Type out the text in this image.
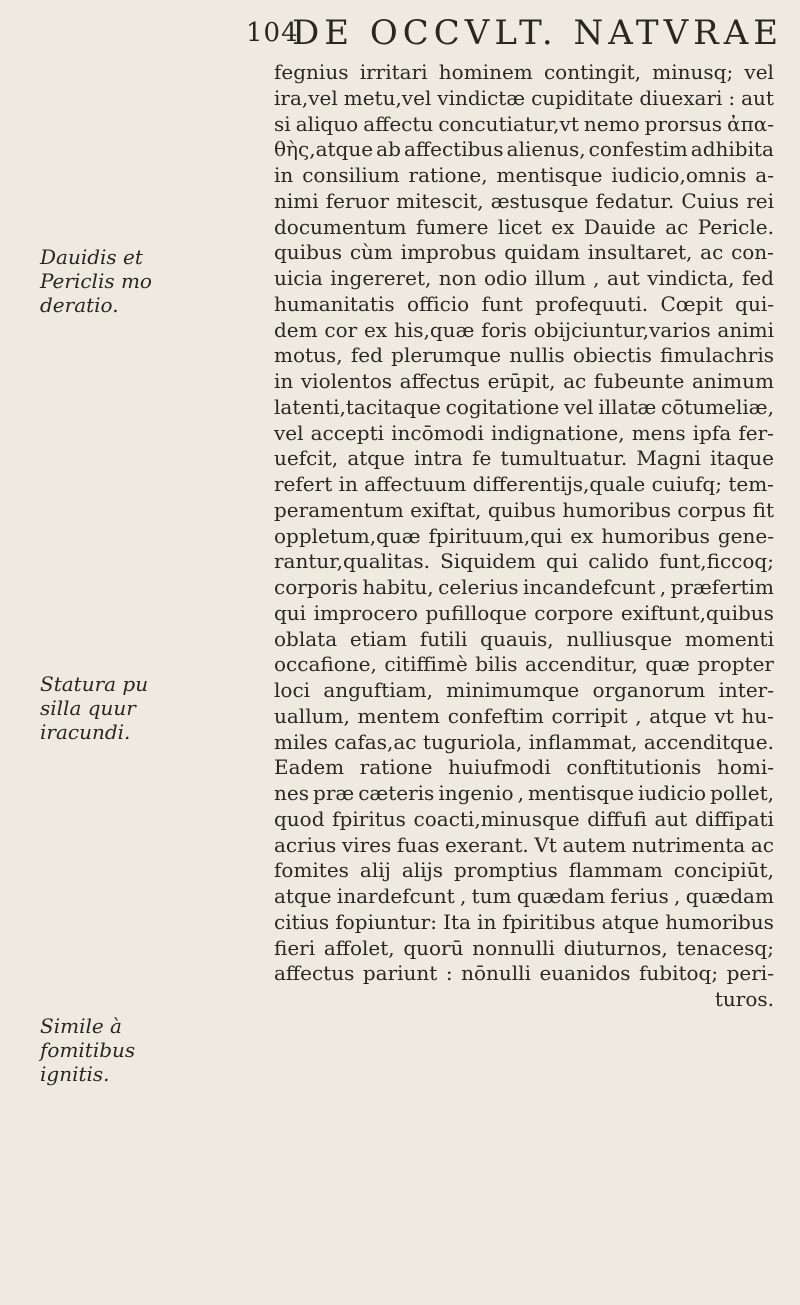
104
DE OCCVLT. NATVRAE
Dauidis et
Periclis mo
deratio.
Statura pu
silla quur
iracundi.
Simile à
fomitibus
ignitis.
fegnius irritari hominem contingit, minusq; vel
ira,vel metu,vel vindictæ cupiditate diuexari : aut
si aliquo affectu concutiatur,vt nemo prorsus ἀπα-
θὴς,atque ab affectibus alienus, confestim adhibita
in consilium ratione, mentisque iudicio,omnis a-
nimi feruor mitescit, æstusque fedatur. Cuius rei
documentum fumere licet ex Dauide ac Pericle.
quibus cùm improbus quidam insultaret, ac con-
uicia ingereret, non odio illum , aut vindicta, fed
humanitatis officio funt profequuti. Cœpit qui-
dem cor ex his,quæ foris obijciuntur,varios animi
motus, fed plerumque nullis obiectis fimulachris
in violentos affectus erūpit, ac fubeunte animum
latenti,tacitaque cogitatione vel illatæ cōtumeliæ,
vel accepti incōmodi indignatione, mens ipfa fer-
uefcit, atque intra fe tumultuatur. Magni itaque
refert in affectuum differentijs,quale cuiufq; tem-
peramentum exiftat, quibus humoribus corpus fit
oppletum,quæ fpirituum,qui ex humoribus gene-
rantur,qualitas. Siquidem qui calido funt,ficcoq;
corporis habitu, celerius incandefcunt , præfertim
qui improcero pufilloque corpore exiftunt,quibus
oblata etiam futili quauis, nulliusque momenti
occafione, citiffimè bilis accenditur, quæ propter
loci anguftiam, minimumque organorum inter-
uallum, mentem confeftim corripit , atque vt hu-
miles cafas,ac tuguriola, inflammat, accenditque.
Eadem ratione huiufmodi conftitutionis homi-
nes præ cæteris ingenio , mentisque iudicio pollet,
quod fpiritus coacti,minusque diffufi aut diffipati
acrius vires fuas exerant. Vt autem nutrimenta ac
fomites alij alijs promptius flammam concipiūt,
atque inardefcunt , tum quædam ferius , quædam
citius fopiuntur: Ita in fpiritibus atque humoribus
fieri affolet, quorū nonnulli diuturnos, tenacesq;
affectus pariunt : nōnulli euanidos fubitoq; peri-
turos.
